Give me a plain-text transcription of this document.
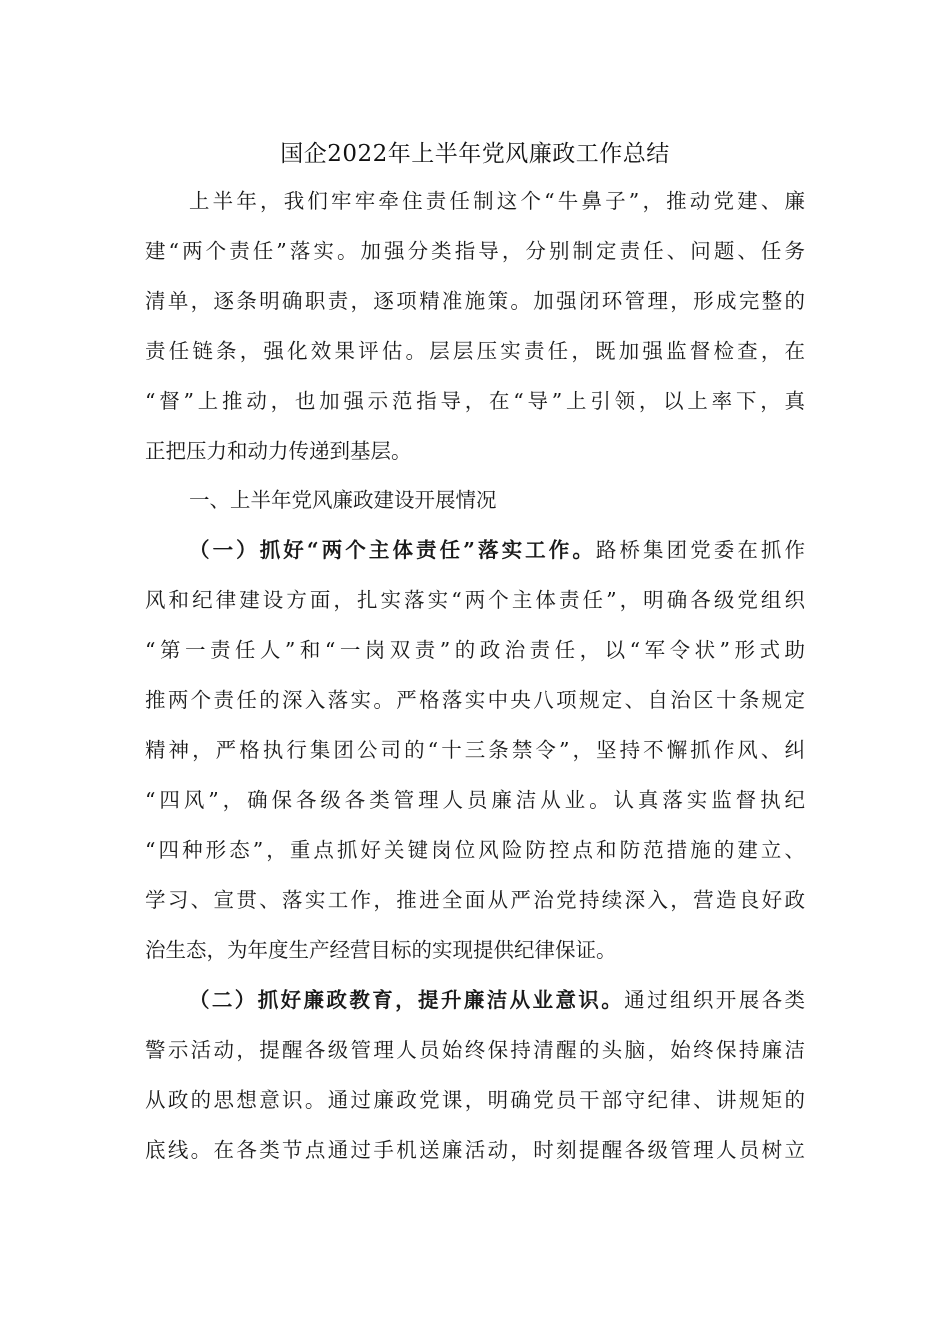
国企2022年上半年党风廉政工作总结
上半年，我们牢牢牵住责任制这个“牛鼻子”，推动党建、廉
建“两个责任”落实。加强分类指导，分别制定责任、问题、任务
清单，逐条明确职责，逐项精准施策。加强闭环管理，形成完整的
责任链条，强化效果评估。层层压实责任，既加强监督检查，在
“督”上推动，也加强示范指导，在“导”上引领，以上率下，真
正把压力和动力传递到基层。
一、上半年党风廉政建设开展情况
（一）抓好“两个主体责任”落实工作。路桥集团党委在抓作
风和纪律建设方面，扎实落实“两个主体责任”，明确各级党组织
“第一责任人”和“一岗双责”的政治责任，以“军令状”形式助
推两个责任的深入落实。严格落实中央八项规定、自治区十条规定
精神，严格执行集团公司的“十三条禁令”，坚持不懈抓作风、纠
“四风”，确保各级各类管理人员廉洁从业。认真落实监督执纪
“四种形态”，重点抓好关键岗位风险防控点和防范措施的建立、
学习、宣贯、落实工作，推进全面从严治党持续深入，营造良好政
治生态，为年度生产经营目标的实现提供纪律保证。
（二）抓好廉政教育，提升廉洁从业意识。通过组织开展各类
警示活动，提醒各级管理人员始终保持清醒的头脑，始终保持廉洁
从政的思想意识。通过廉政党课，明确党员干部守纪律、讲规矩的
底线。在各类节点通过手机送廉活动，时刻提醒各级管理人员树立
